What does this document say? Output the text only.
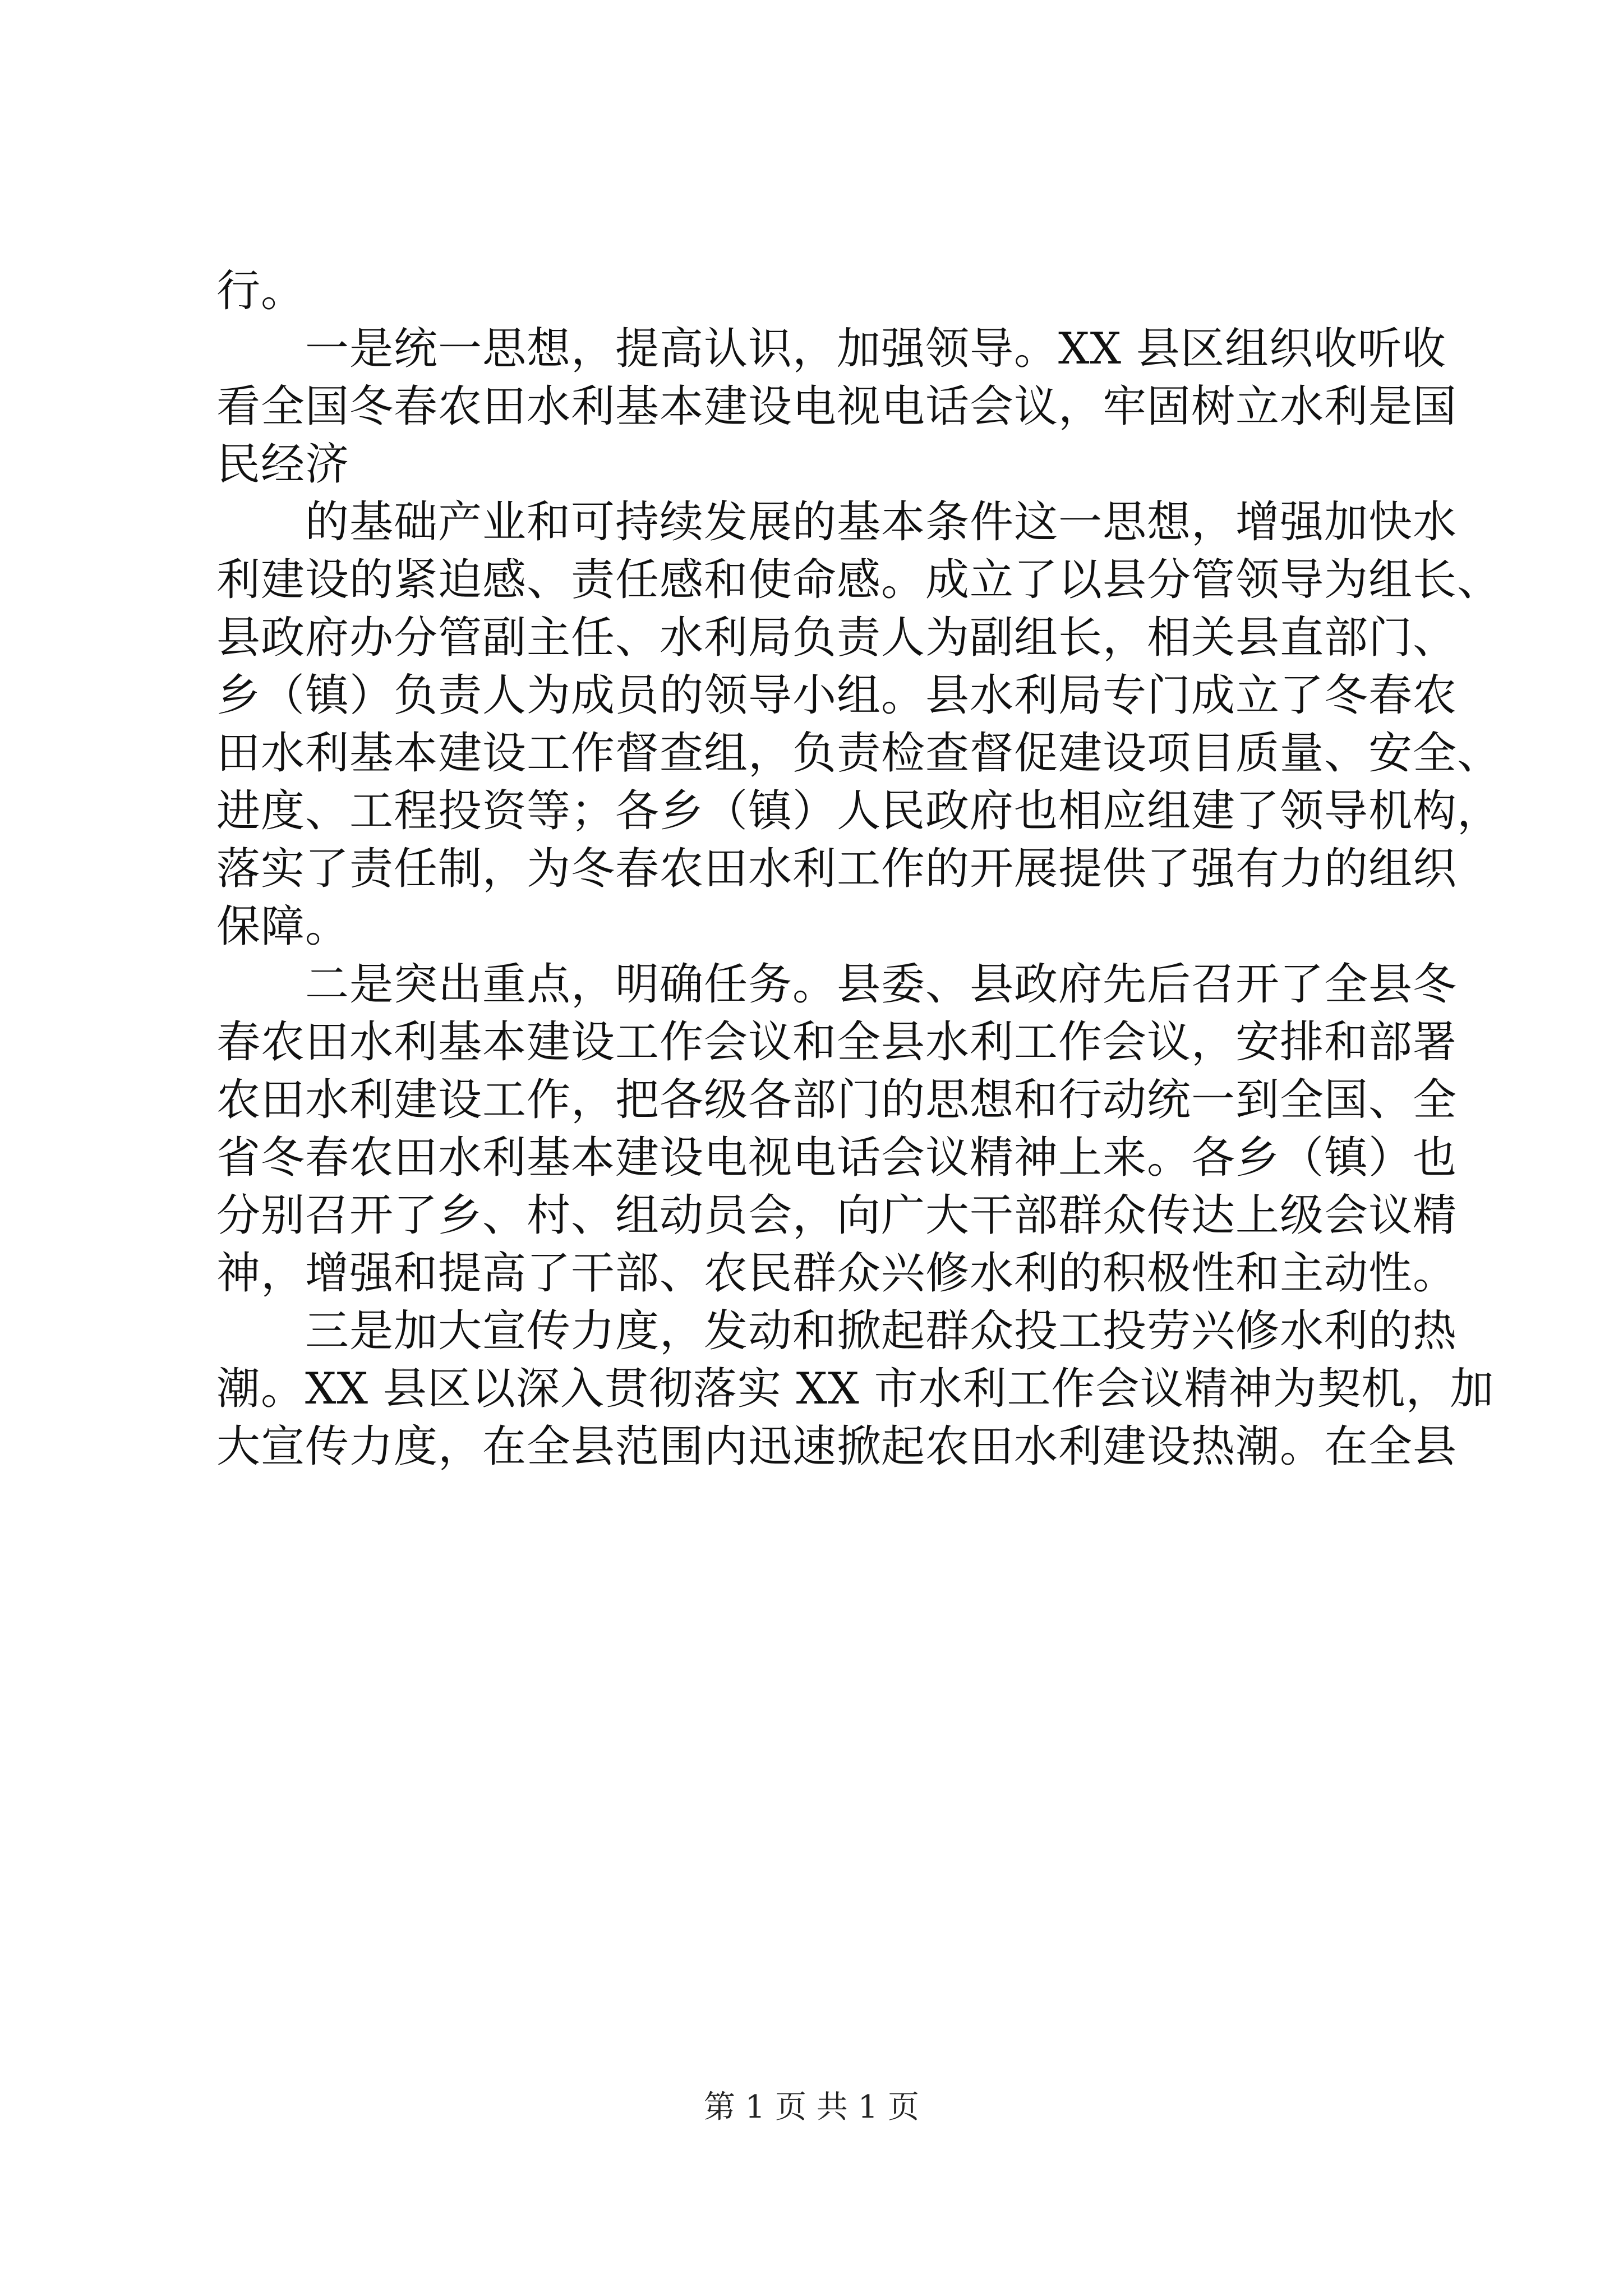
行。
　　一是统一思想，提高认识，加强领导。XX 县区组织收听收
看全国冬春农田水利基本建设电视电话会议，牢固树立水利是国
民经济
　　的基础产业和可持续发展的基本条件这一思想，增强加快水
利建设的紧迫感、责任感和使命感。成立了以县分管领导为组长、
县政府办分管副主任、水利局负责人为副组长，相关县直部门、
乡（镇）负责人为成员的领导小组。县水利局专门成立了冬春农
田水利基本建设工作督查组，负责检查督促建设项目质量、安全、
进度、工程投资等；各乡（镇）人民政府也相应组建了领导机构，
落实了责任制，为冬春农田水利工作的开展提供了强有力的组织
保障。
　　二是突出重点，明确任务。县委、县政府先后召开了全县冬
春农田水利基本建设工作会议和全县水利工作会议，安排和部署
农田水利建设工作，把各级各部门的思想和行动统一到全国、全
省冬春农田水利基本建设电视电话会议精神上来。各乡（镇）也
分别召开了乡、村、组动员会，向广大干部群众传达上级会议精
神，增强和提高了干部、农民群众兴修水利的积极性和主动性。
　　三是加大宣传力度，发动和掀起群众投工投劳兴修水利的热
潮。XX 县区以深入贯彻落实 XX 市水利工作会议精神为契机，加
大宣传力度，在全县范围内迅速掀起农田水利建设热潮。在全县
第 1 页 共 1 页
